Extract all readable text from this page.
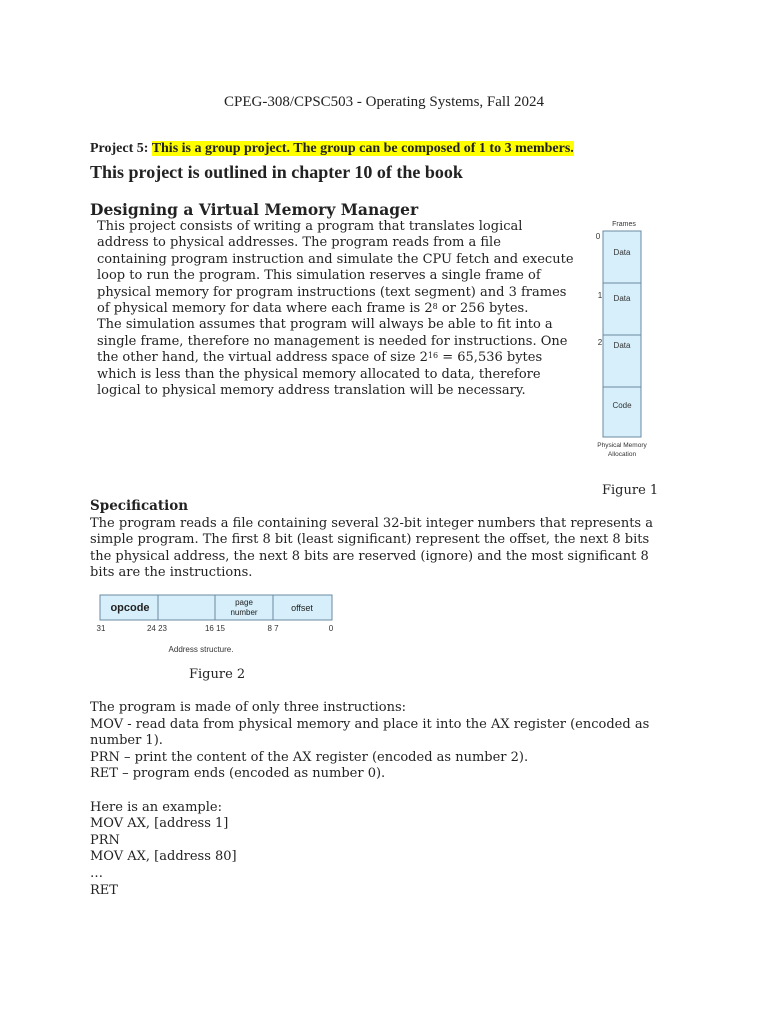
CPEG-308/CPSC503 - Operating Systems, Fall 2024
Project 5: This is a group project. The group can be composed of 1 to 3 members.
This project is outlined in chapter 10 of the book
Designing a Virtual Memory Manager
This project consists of writing a program that translates logical
address to physical addresses. The program reads from a file
containing program instruction and simulate the CPU fetch and execute
loop to run the program. This simulation reserves a single frame of
physical memory for program instructions (text segment) and 3 frames
of physical memory for data where each frame is $2^8$ or 256 bytes.
The simulation assumes that program will always be able to fit into a
single frame, therefore no management is needed for instructions. One
the other hand, the virtual address space of size $2^{16} = 65,536$ bytes
which is less than the physical memory allocated to data, therefore
logical to physical memory address translation will be necessary.
Frames
0
1
2
Data
Data
Data
Code
Physical Memory
Allocation
Figure 1
Specification
The program reads a file containing several 32-bit integer numbers that represents a
simple program. The first 8 bit (least significant) represent the offset, the next 8 bits
the physical address, the next 8 bits are reserved (ignore) and the most significant 8
bits are the instructions.
opcode	page
number	offset
31	24 23	16 15	8 7	0
Address structure.
Figure 2
The program is made of only three instructions:
MOV - read data from physical memory and place it into the AX register (encoded as
number 1).
PRN – print the content of the AX register (encoded as number 2).
RET – program ends (encoded as number 0).
Here is an example:
MOV AX, [address 1]
PRN
MOV AX, [address 80]
…
RET
